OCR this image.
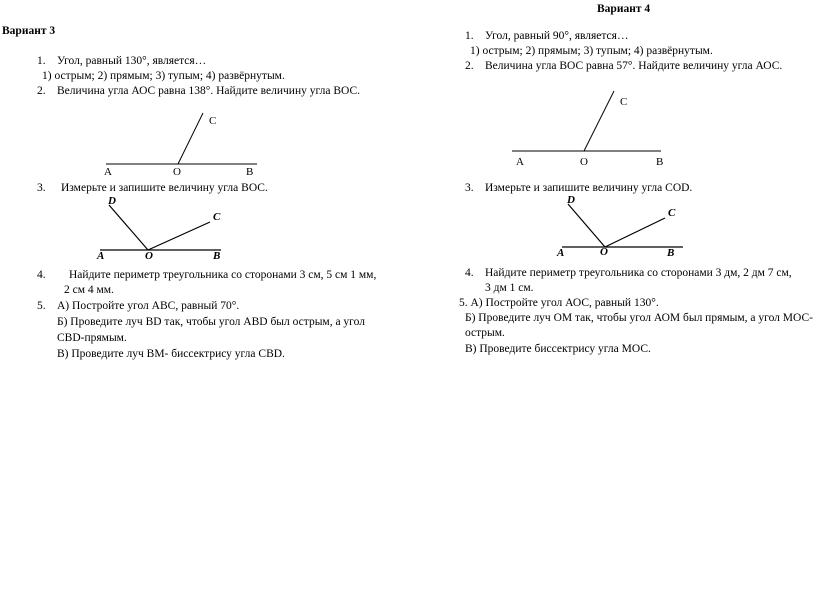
Вариант 3
1. Угол, равный 130°, является…
1) острым; 2) прямым; 3) тупым; 4) развёрнутым.
2. Величина угла АОС равна 138°. Найдите величину угла ВОС.
С
А	О	В
3. Измерьте и запишите величину угла ВОС.
D
C
A	O	B
4. Найдите периметр треугольника со сторонами 3 см, 5 см 1 мм,
2 см 4 мм.
5. А) Постройте угол АВС, равный 70°.
Б) Проведите луч BD так, чтобы угол ABD был острым, а угол
CBD-прямым.
В) Проведите луч ВМ- биссектрису угла CBD.
Вариант 4
1. Угол, равный 90°, является…
1) острым; 2) прямым; 3) тупым; 4) развёрнутым.
2. Величина угла ВОС равна 57°. Найдите величину угла АОС.
С
А	О	В
3. Измерьте и запишите величину угла COD.
D
C
A	O	B
4. Найдите периметр треугольника со сторонами 3 дм, 2 дм 7 см,
3 дм 1 см.
5. А) Постройте угол АОС, равный 130°.
Б) Проведите луч ОМ так, чтобы угол АОМ был прямым, а угол МОС-
острым.
В) Проведите биссектрису угла МОС.
